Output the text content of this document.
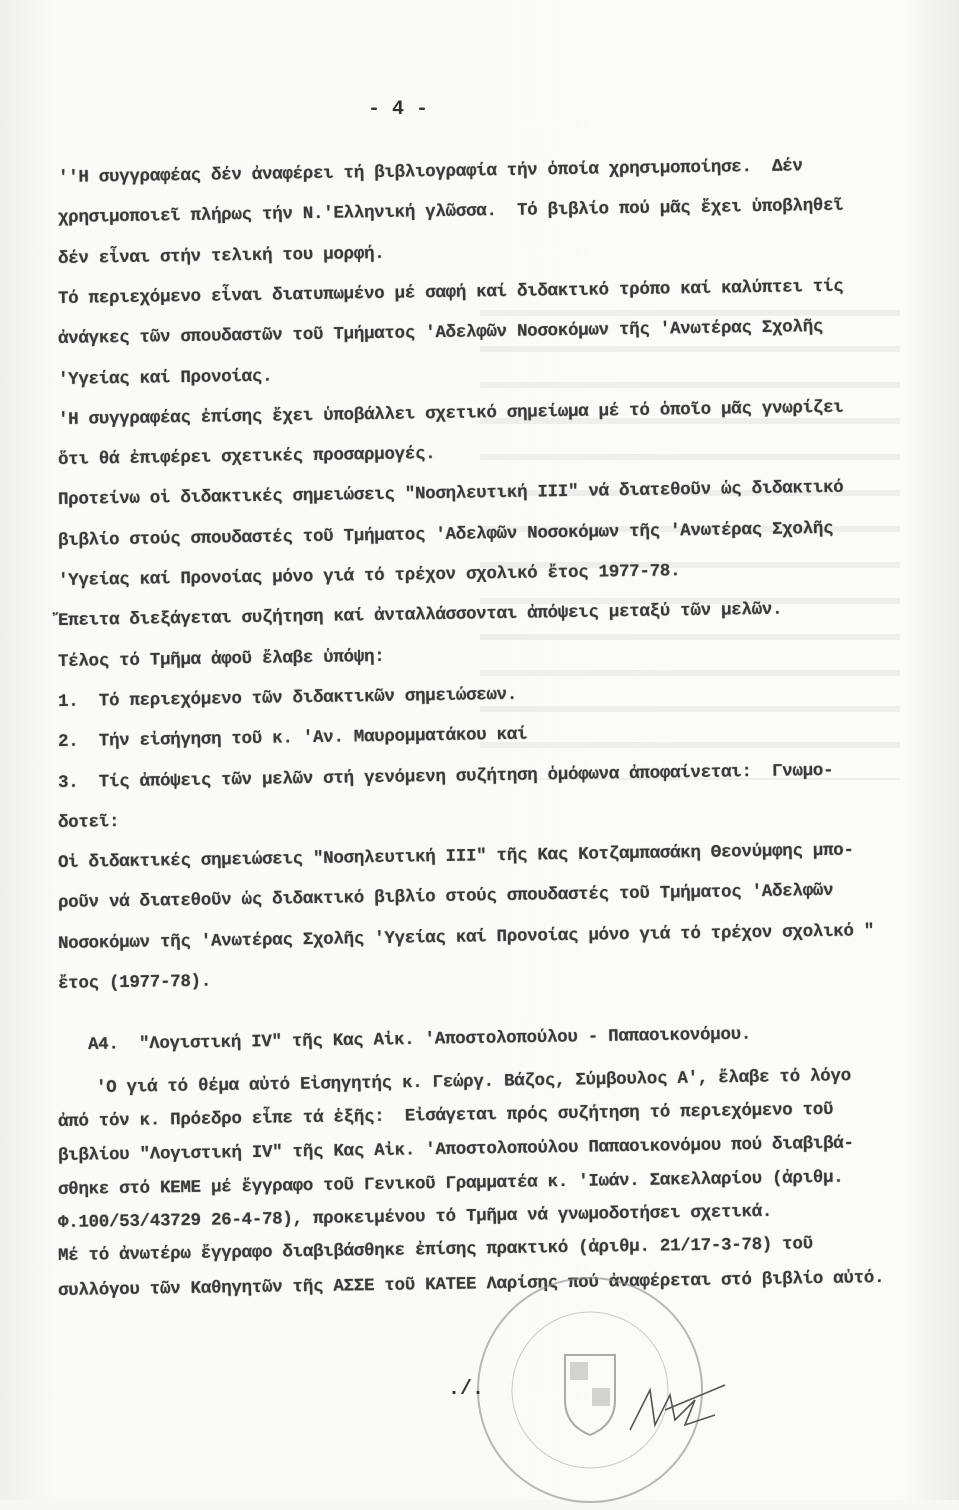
- 4 -
''Η συγγραφέας δέν ἀναφέρει τή βιβλιογραφία τήν ὁποία χρησιμοποίησε.  Δέν
χρησιμοποιεῖ πλήρως τήν Ν.'Ελληνική γλῶσσα.  Τό βιβλίο πού μᾶς ἔχει ὑποβληθεῖ
δέν εἶναι στήν τελική του μορφή.
Τό περιεχόμενο εἶναι διατυπωμένο μέ σαφή καί διδακτικό τρόπο καί καλύπτει τίς
ἀνάγκες τῶν σπουδαστῶν τοῦ Τμήματος 'Αδελφῶν Νοσοκόμων τῆς 'Ανωτέρας Σχολῆς
'Υγείας καί Προνοίας.
'Η συγγραφέας ἐπίσης ἔχει ὑποβάλλει σχετικό σημείωμα μέ τό ὁποῖο μᾶς γνωρίζει
ὅτι θά ἐπιφέρει σχετικές προσαρμογές.
Προτείνω οἱ διδακτικές σημειώσεις "Νοσηλευτική ΙΙΙ" νά διατεθοῦν ὡς διδακτικό
βιβλίο στούς σπουδαστές τοῦ Τμήματος 'Αδελφῶν Νοσοκόμων τῆς 'Ανωτέρας Σχολῆς
'Υγείας καί Προνοίας μόνο γιά τό τρέχον σχολικό ἔτος 1977-78.
Ἔπειτα διεξάγεται συζήτηση καί ἀνταλλάσσονται ἀπόψεις μεταξύ τῶν μελῶν.
Τέλος τό Τμῆμα ἀφοῦ ἔλαβε ὑπόψη:
1.  Τό περιεχόμενο τῶν διδακτικῶν σημειώσεων.
2.  Τήν εἰσήγηση τοῦ κ. 'Αν. Μαυρομματάκου καί
3.  Τίς ἀπόψεις τῶν μελῶν στή γενόμενη συζήτηση ὁμόφωνα ἀποφαίνεται:  Γνωμο-
δοτεῖ:
Οἱ διδακτικές σημειώσεις "Νοσηλευτική ΙΙΙ" τῆς Κας Κοτζαμπασάκη Θεονύμφης μπο-
ροῦν νά διατεθοῦν ὡς διδακτικό βιβλίο στούς σπουδαστές τοῦ Τμήματος 'Αδελφῶν
Νοσοκόμων τῆς 'Ανωτέρας Σχολῆς 'Υγείας καί Προνοίας μόνο γιά τό τρέχον σχολικό "
ἔτος (1977-78).
Α4.  "Λογιστική ΙV" τῆς Κας Αἰκ. 'Αποστολοπούλου - Παπαοικονόμου.
'Ο γιά τό θέμα αὐτό Εἰσηγητής κ. Γεώργ. Βάζος, Σύμβουλος Α', ἔλαβε τό λόγο
ἀπό τόν κ. Πρόεδρο εἶπε τά ἑξῆς:  Εἰσάγεται πρός συζήτηση τό περιεχόμενο τοῦ
βιβλίου "Λογιστική ΙV" τῆς Κας Αἰκ. 'Αποστολοπούλου Παπαοικονόμου πού διαβιβά-
σθηκε στό ΚΕΜΕ μέ ἔγγραφο τοῦ Γενικοῦ Γραμματέα κ. 'Ιωάν. Σακελλαρίου (ἀριθμ.
Φ.100/53/43729 26-4-78), προκειμένου τό Τμῆμα νά γνωμοδοτήσει σχετικά.
Μέ τό ἀνωτέρω ἔγγραφο διαβιβάσθηκε ἐπίσης πρακτικό (ἀριθμ. 21/17-3-78) τοῦ
συλλόγου τῶν Καθηγητῶν τῆς ΑΣΣΕ τοῦ ΚΑΤΕΕ Λαρίσης πού ἀναφέρεται στό βιβλίο αὐτό.
./.
